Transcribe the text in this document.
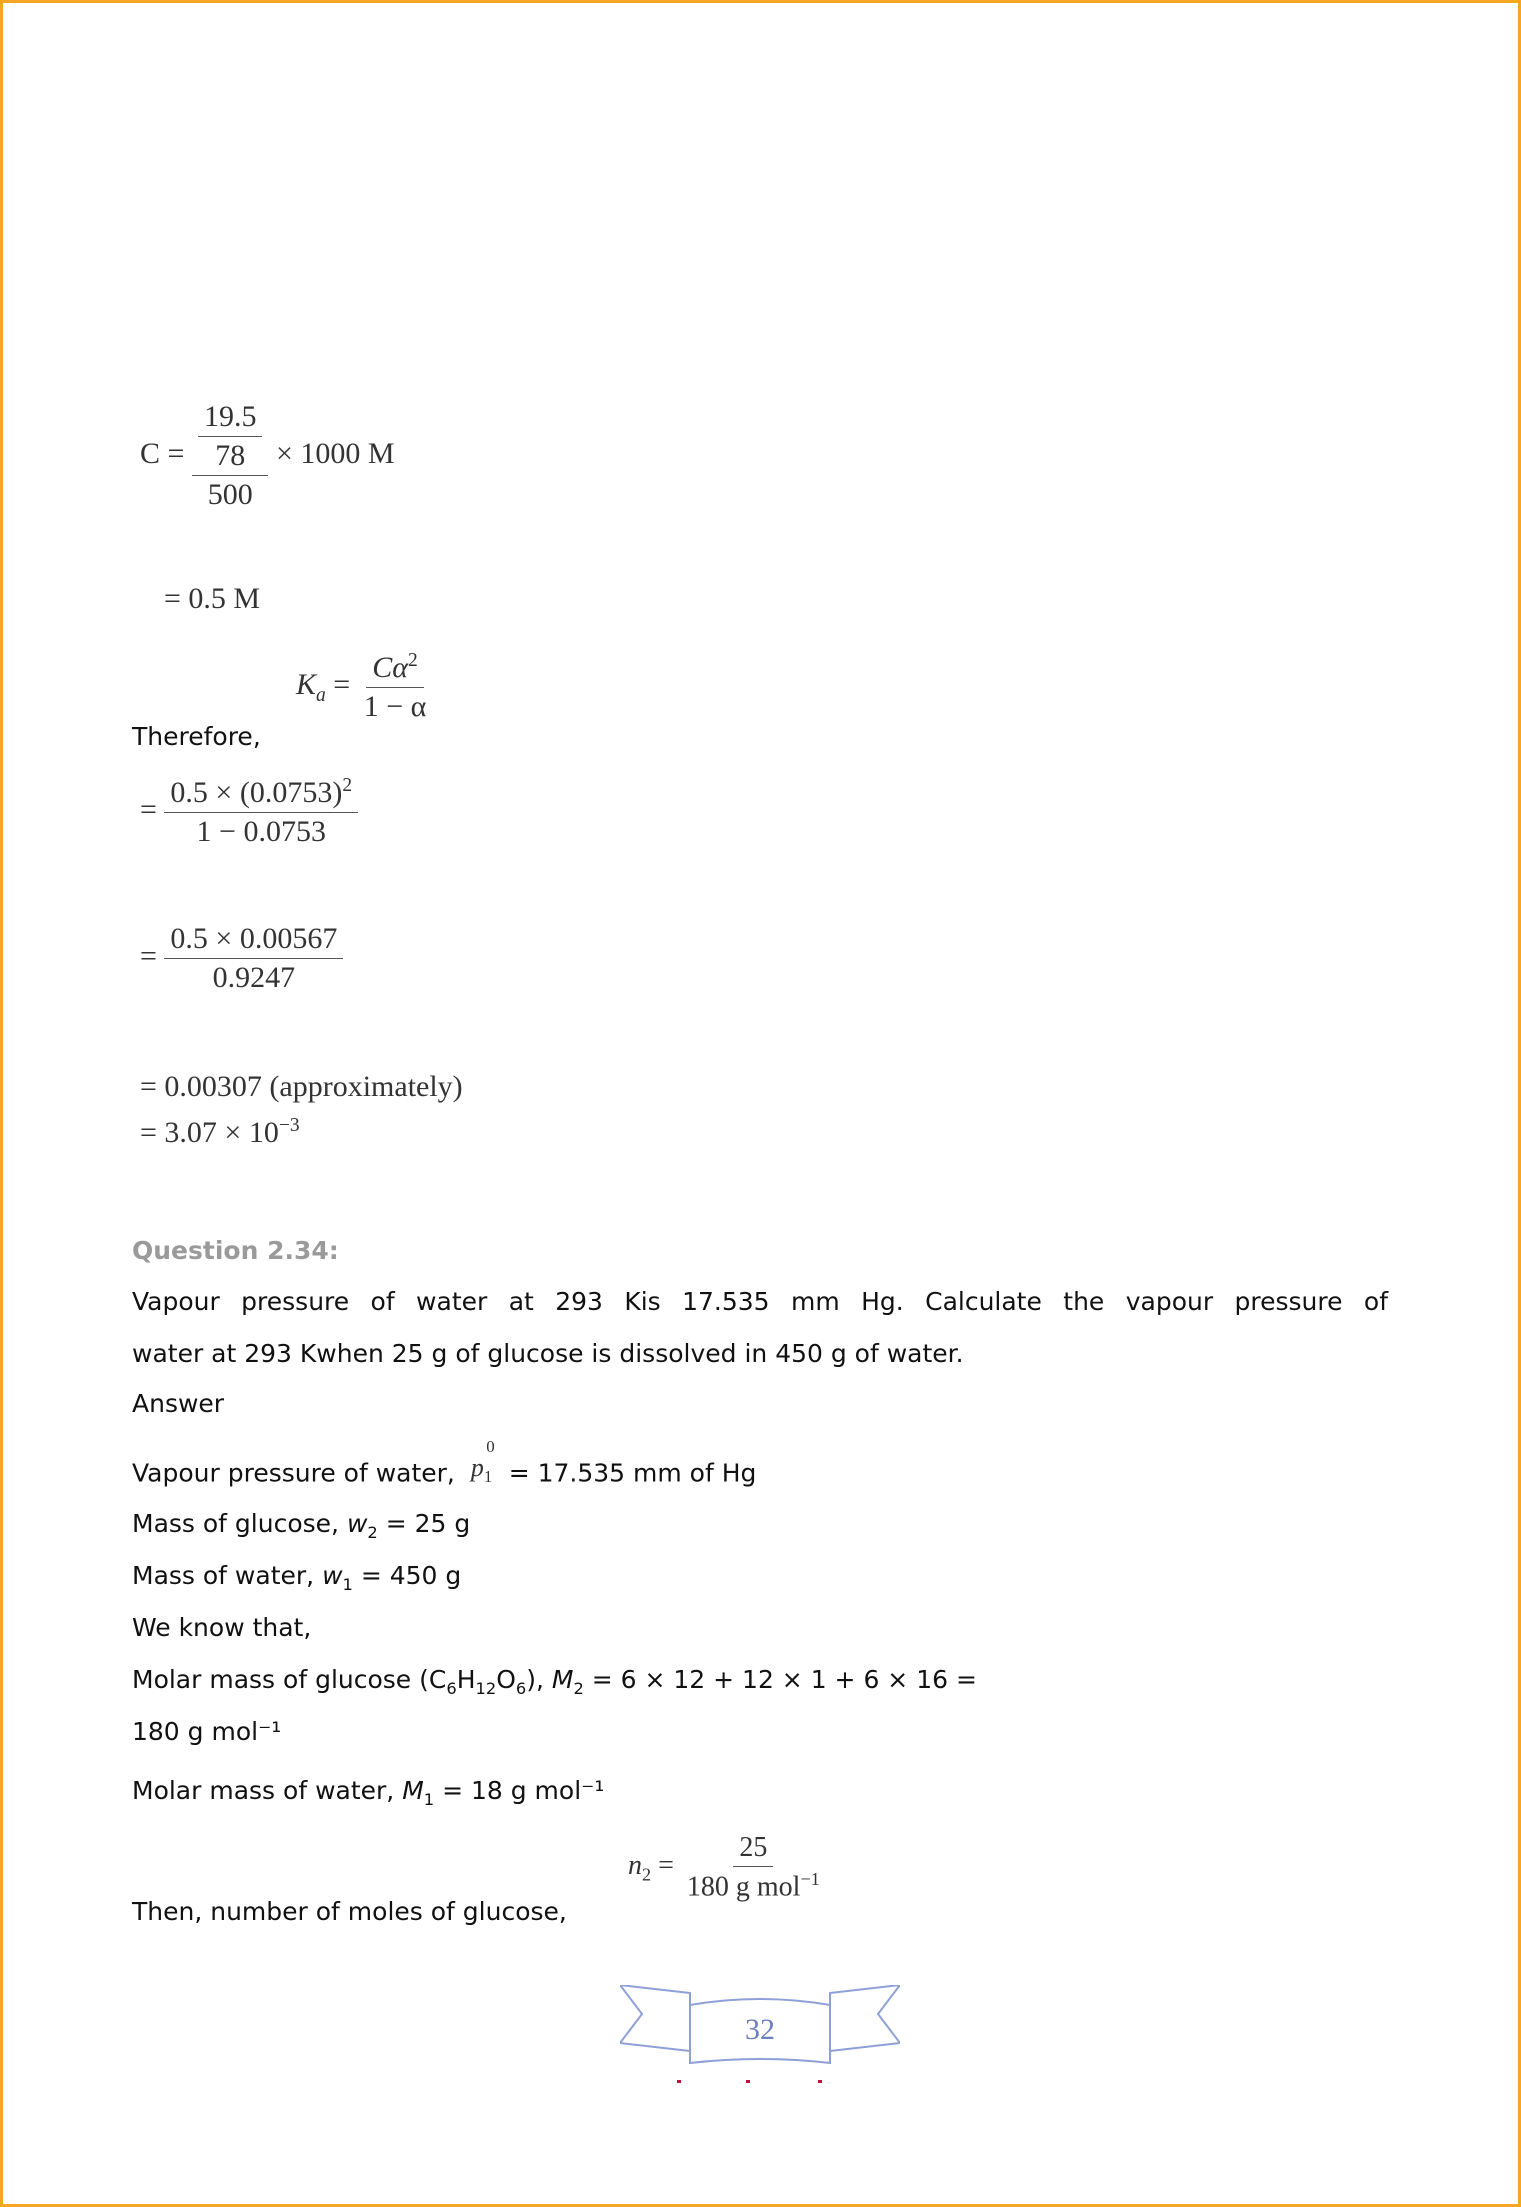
$C = \frac{\frac{19.5}{78}}{500} \times 1000$ M
= 0.5 M
$K_a = \frac{C\alpha^2}{1 - \alpha}$
Therefore,
= $\frac{0.5 \times (0.0753)^2}{1 - 0.0753}$
= $\frac{0.5 \times 0.00567}{0.9247}$
= 0.00307 (approximately)
= $3.07 \times 10^{-3}$
Question 2.34:
Vapour pressure of water at 293 Kis 17.535 mm Hg. Calculate the vapour pressure of
water at 293 Kwhen 25 g of glucose is dissolved in 450 g of water.
Answer
Vapour pressure of water, $p_1^0 = 17.535$ mm of Hg
Mass of glucose, $w_2 = 25$ g
Mass of water, $w_1 = 450$ g
We know that,
Molar mass of glucose $(C_6H_{12}O_6)$, $M_2 = 6 \times 12 + 12 \times 1 + 6 \times 16$ =
180 g mol⁻¹
Molar mass of water, $M_1 = 18$ g mol⁻¹
Then, number of moles of glucose,
$n_2 = \frac{25}{180 g mol^{-1}}$
32
